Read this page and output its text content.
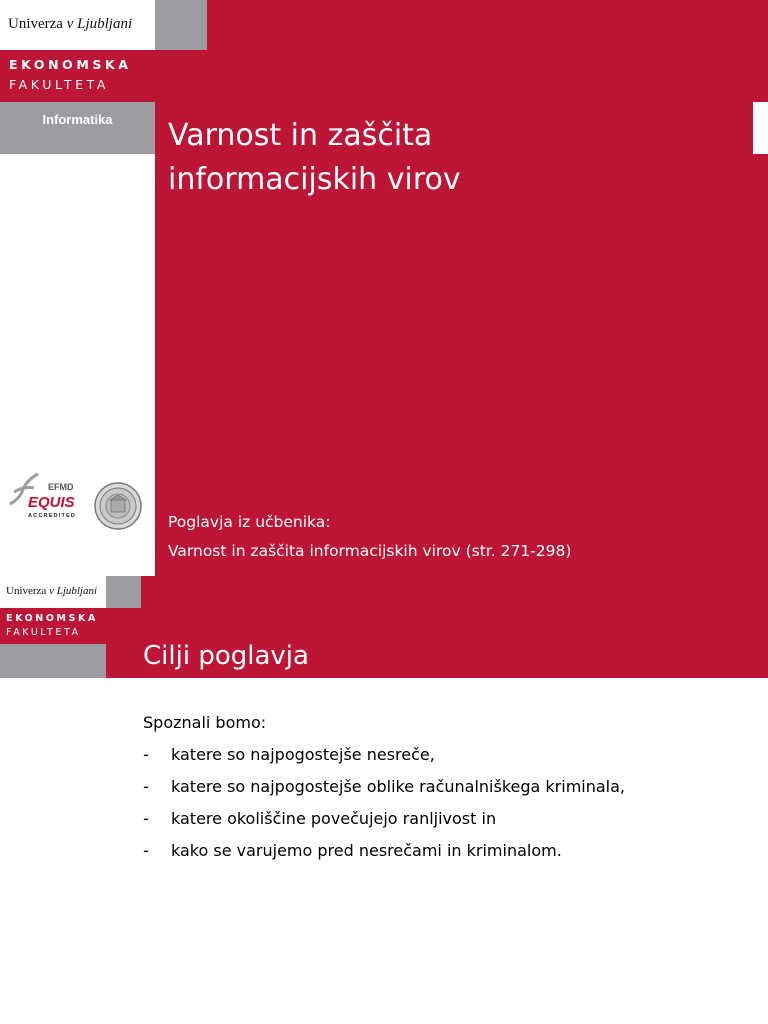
Univerza v Ljubljani
EKONOMSKA
FAKULTETA
Informatika	Varnost in zaščita
informacijskih virov
EFMD
EQUIS
ACCREDITED	Poglavja iz učbenika:
Varnost in zaščita informacijskih virov (str. 271-298)
Univerza v Ljubljani
EKONOMSKA
FAKULTETA
Cilji poglavja
Spoznali bomo:
- katere so najpogostejše nesreče,
- katere so najpogostejše oblike računalniškega kriminala,
- katere okoliščine povečujejo ranljivost in
- kako se varujemo pred nesrečami in kriminalom.
